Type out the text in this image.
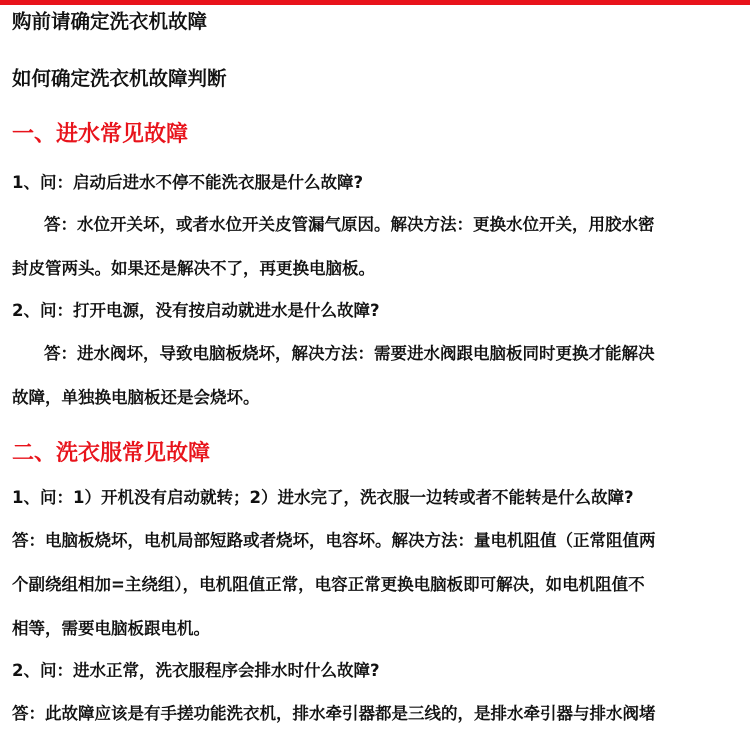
购前请确定洗衣机故障
如何确定洗衣机故障判断
一、进水常见故障
1、问：启动后进水不停不能洗衣服是什么故障?
答：水位开关坏，或者水位开关皮管漏气原因。解决方法：更换水位开关，用胶水密
封皮管两头。如果还是解决不了，再更换电脑板。
2、问：打开电源，没有按启动就进水是什么故障?
答：进水阀坏，导致电脑板烧坏，解决方法：需要进水阀跟电脑板同时更换才能解决
故障，单独换电脑板还是会烧坏。
二、洗衣服常见故障
1、问：1）开机没有启动就转；2）进水完了，洗衣服一边转或者不能转是什么故障?
答：电脑板烧坏，电机局部短路或者烧坏，电容坏。解决方法：量电机阻值（正常阻值两
个副绕组相加=主绕组），电机阻值正常，电容正常更换电脑板即可解决，如电机阻值不
相等，需要电脑板跟电机。
2、问：进水正常，洗衣服程序会排水时什么故障?
答：此故障应该是有手搓功能洗衣机，排水牵引器都是三线的，是排水牵引器与排水阀堵
